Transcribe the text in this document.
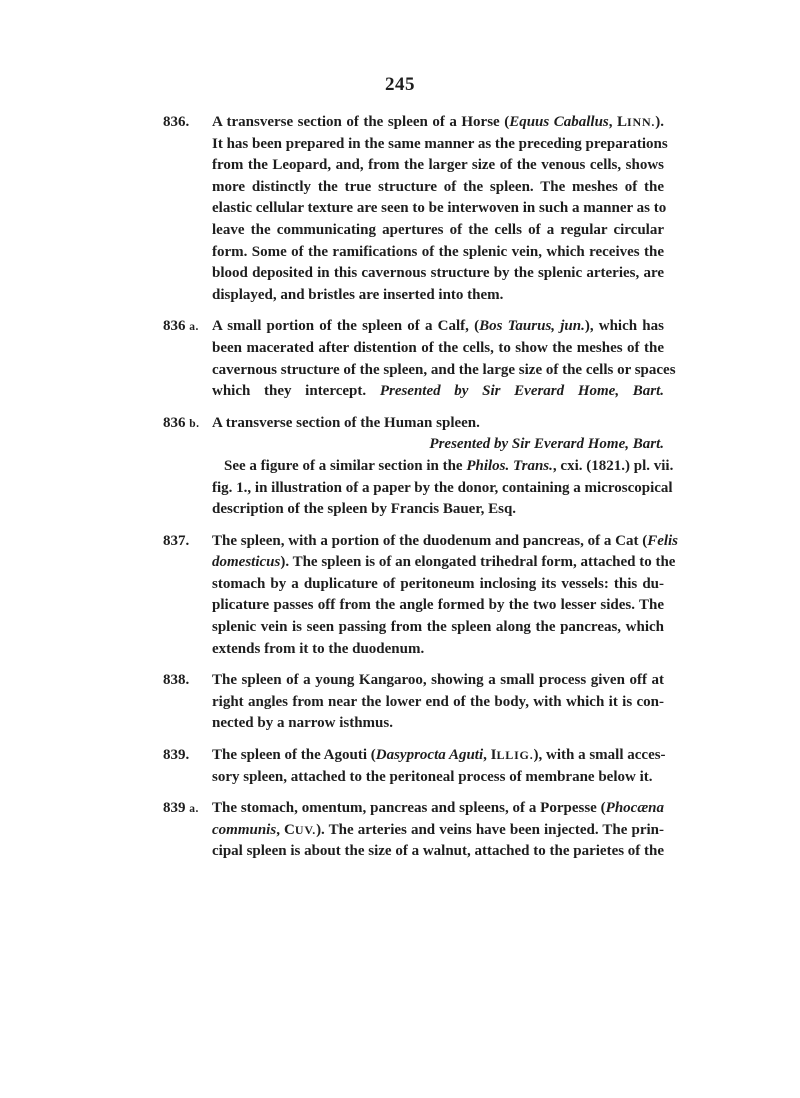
245
836. A transverse section of the spleen of a Horse (Equus Caballus, LINN.).
It has been prepared in the same manner as the preceding preparations
from the Leopard, and, from the larger size of the venous cells, shows
more distinctly the true structure of the spleen. The meshes of the
elastic cellular texture are seen to be interwoven in such a manner as to
leave the communicating apertures of the cells of a regular circular
form. Some of the ramifications of the splenic vein, which receives the
blood deposited in this cavernous structure by the splenic arteries, are
displayed, and bristles are inserted into them.
836 a. A small portion of the spleen of a Calf, (Bos Taurus, jun.), which has
been macerated after distention of the cells, to show the meshes of the
cavernous structure of the spleen, and the large size of the cells or spaces
which they intercept. Presented by Sir Everard Home, Bart.
836 b. A transverse section of the Human spleen.
Presented by Sir Everard Home, Bart.
See a figure of a similar section in the Philos. Trans., cxi. (1821.) pl. vii.
fig. 1., in illustration of a paper by the donor, containing a microscopical
description of the spleen by Francis Bauer, Esq.
837. The spleen, with a portion of the duodenum and pancreas, of a Cat (Felis
domesticus). The spleen is of an elongated trihedral form, attached to the
stomach by a duplicature of peritoneum inclosing its vessels: this du-
plicature passes off from the angle formed by the two lesser sides. The
splenic vein is seen passing from the spleen along the pancreas, which
extends from it to the duodenum.
838. The spleen of a young Kangaroo, showing a small process given off at
right angles from near the lower end of the body, with which it is con-
nected by a narrow isthmus.
839. The spleen of the Agouti (Dasyprocta Aguti, ILLIG.), with a small acces-
sory spleen, attached to the peritoneal process of membrane below it.
839 a. The stomach, omentum, pancreas and spleens, of a Porpesse (Phocæna
communis, CUV.). The arteries and veins have been injected. The prin-
cipal spleen is about the size of a walnut, attached to the parietes of the
